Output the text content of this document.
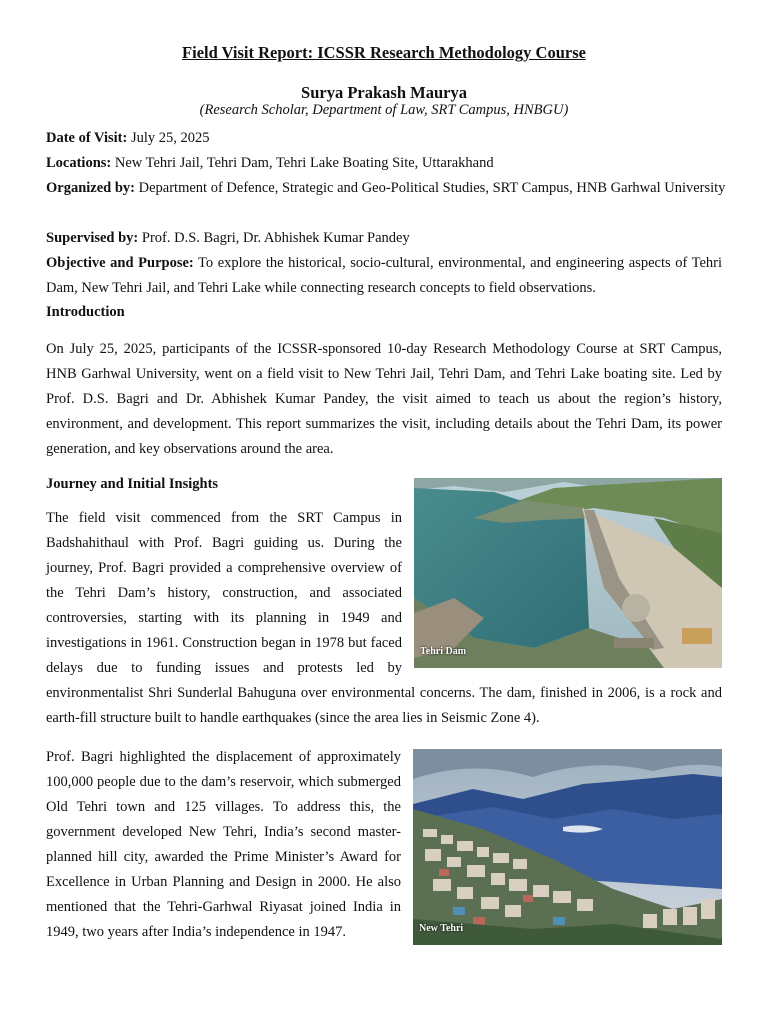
Field Visit Report: ICSSR Research Methodology Course
Surya Prakash Maurya
(Research Scholar, Department of Law, SRT Campus, HNBGU)

Date of Visit: July 25, 2025

Locations: New Tehri Jail, Tehri Dam, Tehri Lake Boating Site, Uttarakhand

Organized by: Department of Defence, Strategic and Geo-Political Studies, SRT Campus, HNB Garhwal University

Supervised by: Prof. D.S. Bagri, Dr. Abhishek Kumar Pandey

Objective and Purpose: To explore the historical, socio-cultural, environmental, and engineering aspects of Tehri Dam, New Tehri Jail, and Tehri Lake while connecting research concepts to field observations.

Introduction

On July 25, 2025, participants of the ICSSR-sponsored 10-day Research Methodology Course at SRT Campus, HNB Garhwal University, went on a field visit to New Tehri Jail, Tehri Dam, and Tehri Lake boating site. Led by Prof. D.S. Bagri and Dr. Abhishek Kumar Pandey, the visit aimed to teach us about the region’s history, environment, and development. This report summarizes the visit, including details about the Tehri Dam, its power generation, and key observations around the area.

Journey and Initial Insights
Tehri Dam
The field visit commenced from the SRT Campus in Badshahithaul with Prof. Bagri guiding us. During the journey, Prof. Bagri provided a comprehensive overview of the Tehri Dam’s history, construction, and associated controversies, starting with its planning in 1949 and investigations in 1961. Construction began in 1978 but faced delays due to funding issues and protests led by environmentalist Shri Sunderlal Bahuguna over environmental concerns. The dam, finished in 2006, is a rock and earth-fill structure built to handle earthquakes (since the area lies in Seismic Zone 4).
New Tehri
Prof. Bagri highlighted the displacement of approximately 100,000 people due to the dam’s reservoir, which submerged Old Tehri town and 125 villages. To address this, the government developed New Tehri, India’s second master-planned hill city, awarded the Prime Minister’s Award for Excellence in Urban Planning and Design in 2000. He also mentioned that the Tehri-Garhwal Riyasat joined India in 1949, two years after India’s independence in 1947.
